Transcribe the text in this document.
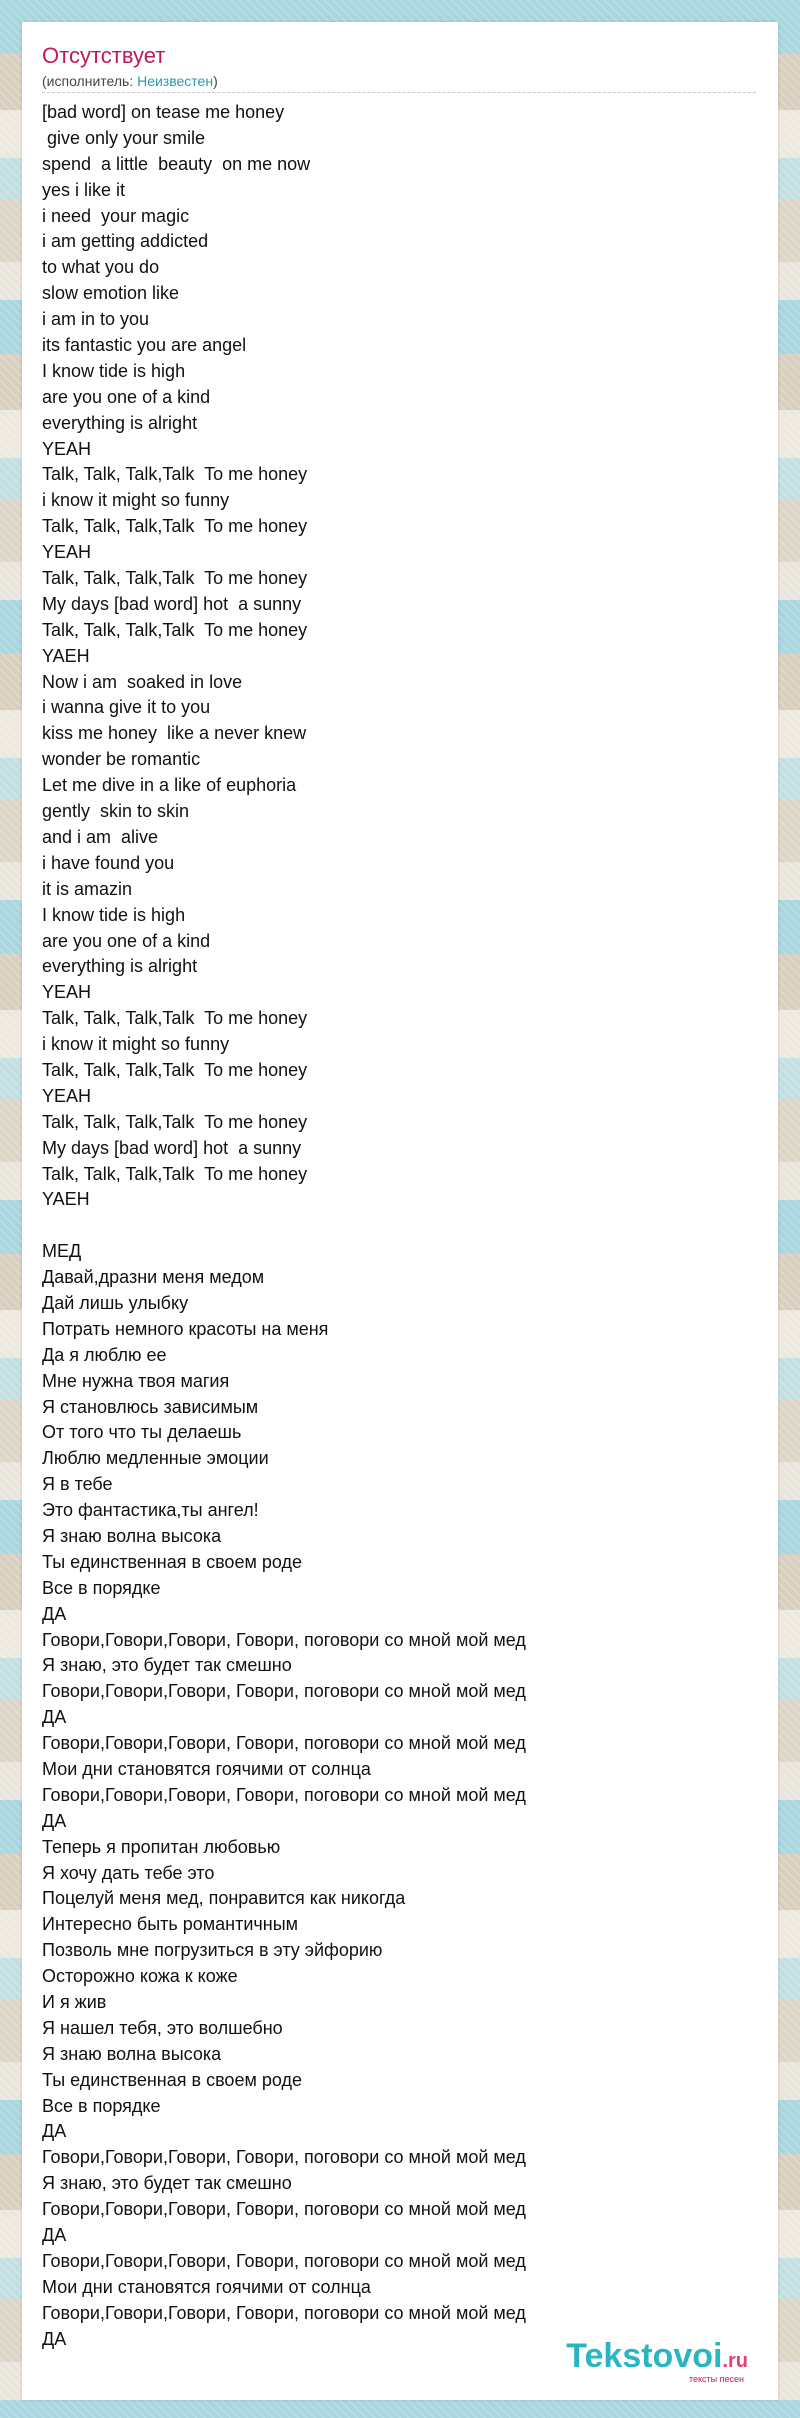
Отсутствует
(исполнитель: Неизвестен)
[bad word] on tease me honey
give only your smile
spend  a little  beauty  on me now
yes i like it
i need  your magic
i am getting addicted
to what you do
slow emotion like
i am in to you
its fantastic you are angel
I know tide is high
are you one of a kind
everything is alright
YEAH
Talk, Talk, Talk,Talk  To me honey
i know it might so funny
Talk, Talk, Talk,Talk  To me honey
YEAH
Talk, Talk, Talk,Talk  To me honey
My days [bad word] hot  a sunny
Talk, Talk, Talk,Talk  To me honey
YAEH
Now i am  soaked in love
i wanna give it to you
kiss me honey  like a never knew
wonder be romantic
Let me dive in a like of euphoria
gently  skin to skin
and i am  alive
i have found you
it is amazin
I know tide is high
are you one of a kind
everything is alright
YEAH
Talk, Talk, Talk,Talk  To me honey
i know it might so funny
Talk, Talk, Talk,Talk  To me honey
YEAH
Talk, Talk, Talk,Talk  To me honey
My days [bad word] hot  a sunny
Talk, Talk, Talk,Talk  To me honey
YAEH
МЕД
Давай,дразни меня медом
Дай лишь улыбку
Потрать немного красоты на меня
Да я люблю ее
Мне нужна твоя магия
Я становлюсь зависимым
От того что ты делаешь
Люблю медленные эмоции
Я в тебе
Это фантастика,ты ангел!
Я знаю волна высока
Ты единственная в своем роде
Все в порядке
ДА
Говори,Говори,Говори, Говори, поговори со мной мой мед
Я знаю, это будет так смешно
Говори,Говори,Говори, Говори, поговори со мной мой мед
ДА
Говори,Говори,Говори, Говори, поговори со мной мой мед
Мои дни становятся гоячими от солнца
Говори,Говори,Говори, Говори, поговори со мной мой мед
ДА
Теперь я пропитан любовью
Я хочу дать тебе это
Поцелуй меня мед, понравится как никогда
Интересно быть романтичным
Позволь мне погрузиться в эту эйфорию
Осторожно кожа к коже
И я жив
Я нашел тебя, это волшебно
Я знаю волна высока
Ты единственная в своем роде
Все в порядке
ДА
Говори,Говори,Говори, Говори, поговори со мной мой мед
Я знаю, это будет так смешно
Говори,Говори,Говори, Говори, поговори со мной мой мед
ДА
Говори,Говори,Говори, Говори, поговори со мной мой мед
Мои дни становятся гоячими от солнца
Говори,Говори,Говори, Говори, поговори со мной мой мед
ДА	Tekstovoi.ru
тексты песен
